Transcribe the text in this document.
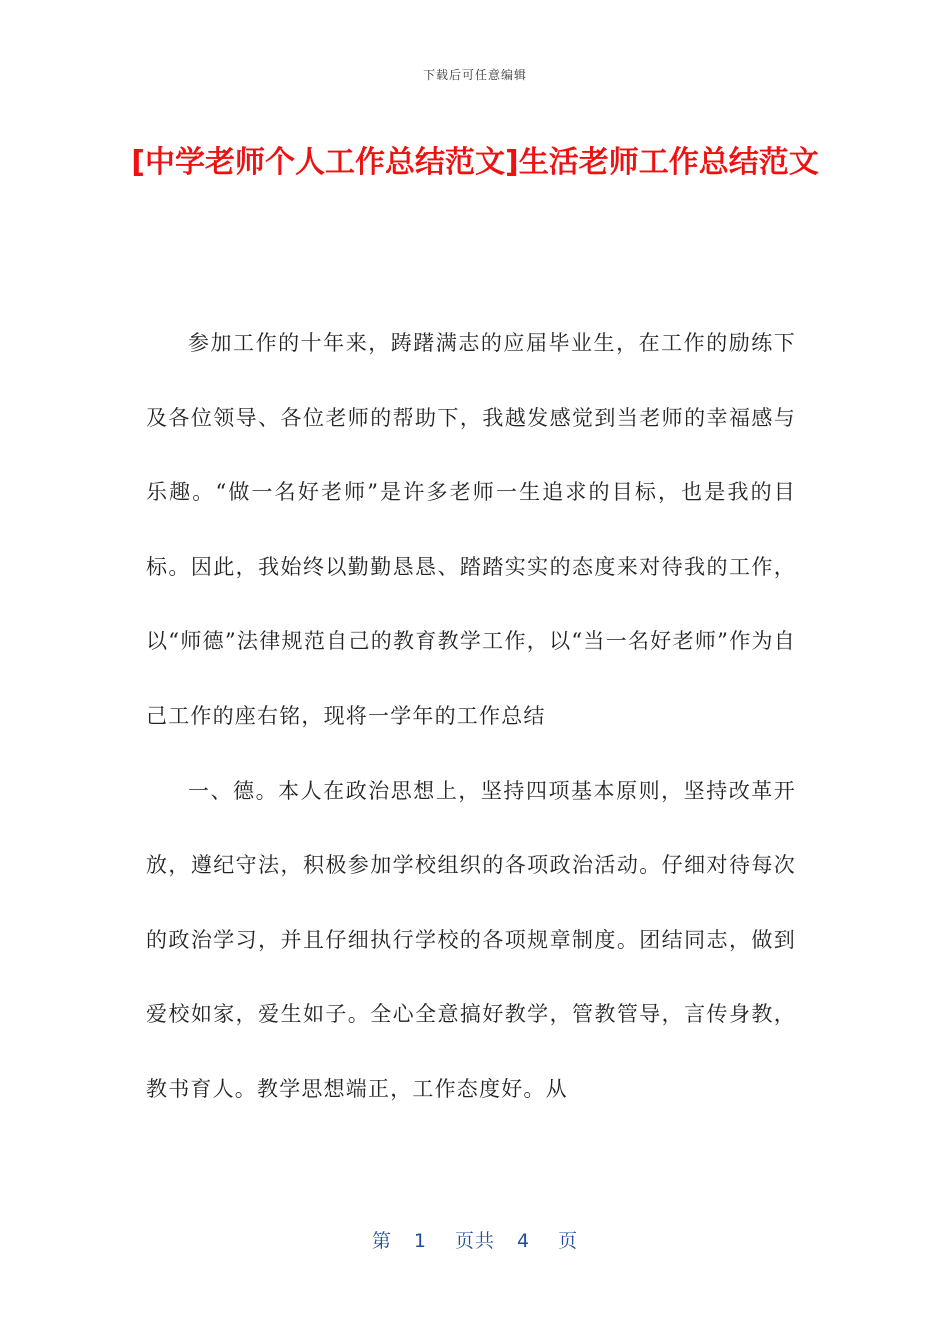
下载后可任意编辑
[中学老师个人工作总结范文]生活老师工作总结范文

参加工作的十年来，踌躇满志的应届毕业生，在工作的励练下及各位领导、各位老师的帮助下，我越发感觉到当老师的幸福感与乐趣。“做一名好老师”是许多老师一生追求的目标，也是我的目标。因此，我始终以勤勤恳恳、踏踏实实的态度来对待我的工作，以“师德”法律规范自己的教育教学工作，以“当一名好老师”作为自己工作的座右铭，现将一学年的工作总结

一、德。本人在政治思想上，坚持四项基本原则，坚持改革开放，遵纪守法，积极参加学校组织的各项政治活动。仔细对待每次的政治学习，并且仔细执行学校的各项规章制度。团结同志，做到爱校如家，爱生如子。全心全意搞好教学，管教管导，言传身教，教书育人。教学思想端正，工作态度好。从

第 1 页共 4 页
